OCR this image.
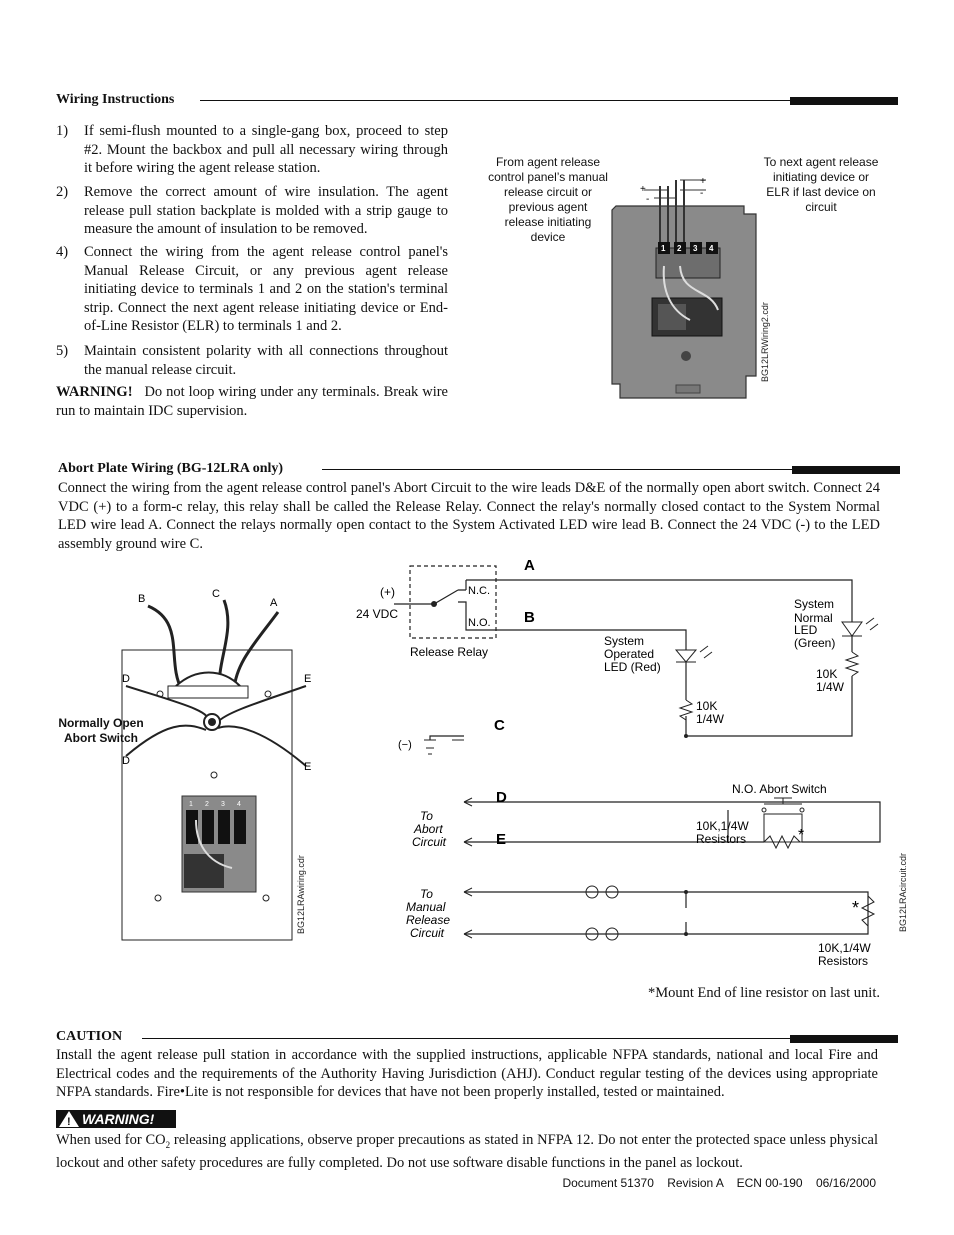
Wiring Instructions
1) If semi-flush mounted to a single-gang box, proceed to step #2. Mount the backbox and pull all necessary wiring through it before wiring the agent release station.
2) Remove the correct amount of wire insulation. The agent release pull station backplate is molded with a strip gauge to measure the amount of insulation to be removed.
4) Connect the wiring from the agent release control panel's Manual Release Circuit, or any previous agent release initiating device to terminals 1 and 2 on the station's terminal strip. Connect the next agent release initiating device or End-of-Line Resistor (ELR) to terminals 1 and 2.
5) Maintain consistent polarity with all connections throughout the manual release circuit.
WARNING! Do not loop wiring under any terminals. Break wire run to maintain IDC supervision.
From agent release control panel’s manual release circuit or previous agent release initiating device
To next agent release initiating device or ELR if last device on circuit
1 2 3 4
+
-
+
-
BG12LRWiring2.cdr
Abort Plate Wiring (BG-12LRA only)
Connect the wiring from the agent release control panel's Abort Circuit to the wire leads D&E of the normally open abort switch. Connect 24 VDC (+) to a form-c relay, this relay shall be called the Release Relay. Connect the relay's normally closed contact to the System Normal LED wire lead A. Connect the relays normally open contact to the System Activated LED wire lead B. Connect the 24 VDC (-) to the LED assembly ground wire C.
B	C
A
D	E
D	E
1 2 3 4
BG12LRAwiring.cdr
Normally Open
Abort Switch
A
B
C
D
E
(+)
24 VDC
N.C.
N.O.
Release Relay
(−)
System
Normal
LED
(Green)
System
Operated
LED (Red)	10K
1/4W
10K
1/4W
N.O. Abort Switch
10K,1/4W
Resistors
10K,1/4W
Resistors
To
Abort
Circuit
To
Manual
Release
Circuit
*
*	BG12LRAcircuit.cdr
*Mount End of line resistor on last unit.
CAUTION
Install the agent release pull station in accordance with the supplied instructions, applicable NFPA standards, national and local Fire and Electrical codes and the requirements of the Authority Having Jurisdiction (AHJ). Conduct regular testing of the devices using appropriate NFPA standards. Fire•Lite is not responsible for devices that have not been properly installed, tested or maintained.
! WARNING!
When used for $CO_2$ releasing applications, observe proper precautions as stated in NFPA 12. Do not enter the protected space unless physical lockout and other safety procedures are fully completed. Do not use software disable functions in the panel as lockout.
Document 51370    Revision A    ECN 00-190    06/16/2000
